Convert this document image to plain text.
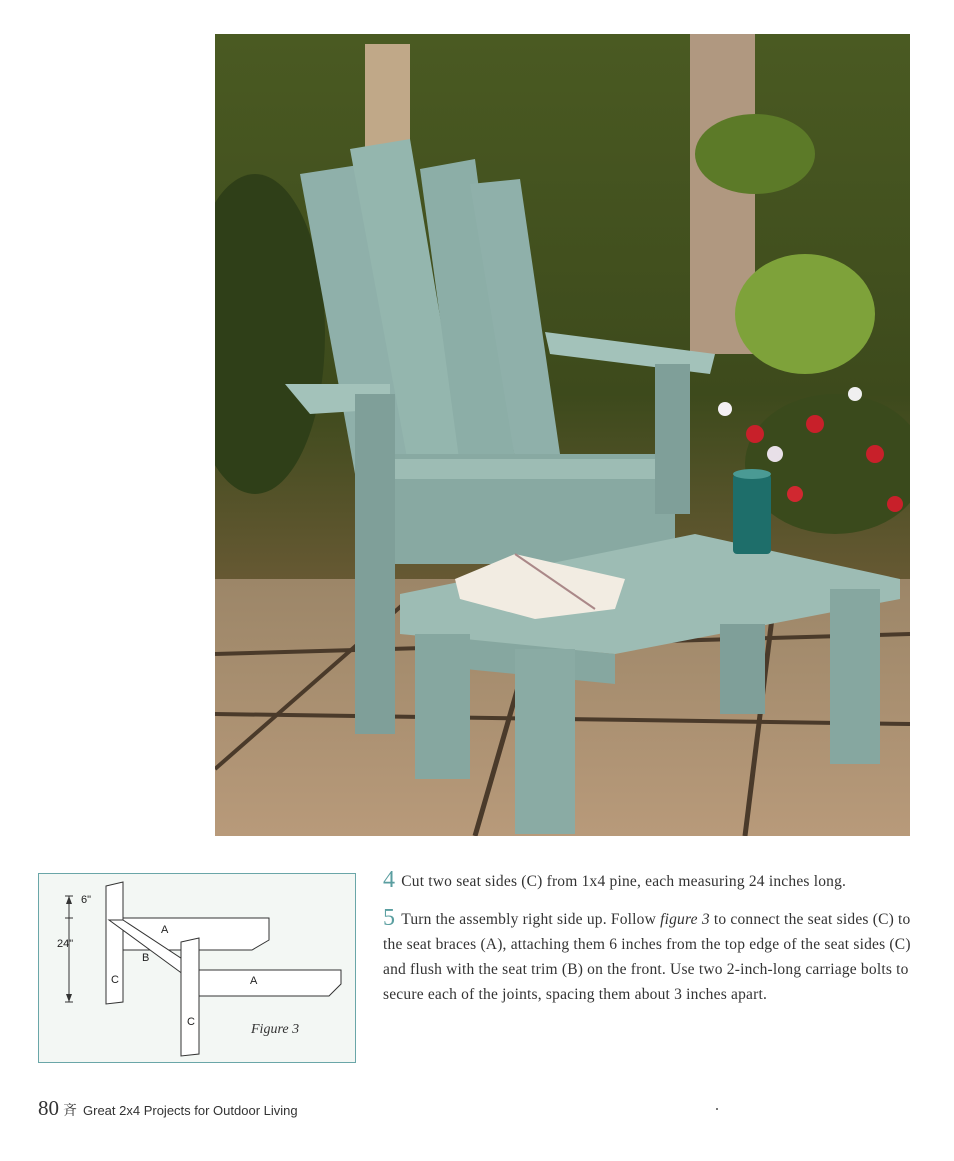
6"
24"
A
B
C	A
C	Figure 3

4 Cut two seat sides (C) from 1x4 pine, each measuring 24 inches long.

5 Turn the assembly right side up. Follow figure 3 to connect the seat sides (C) to the seat braces (A), attaching them 6 inches from the top edge of the seat sides (C) and flush with the seat trim (B) on the front. Use two 2-inch-long carriage bolts to secure each of the joints, spacing them about 3 inches apart.

80 ⻫ Great 2x4 Projects for Outdoor Living
